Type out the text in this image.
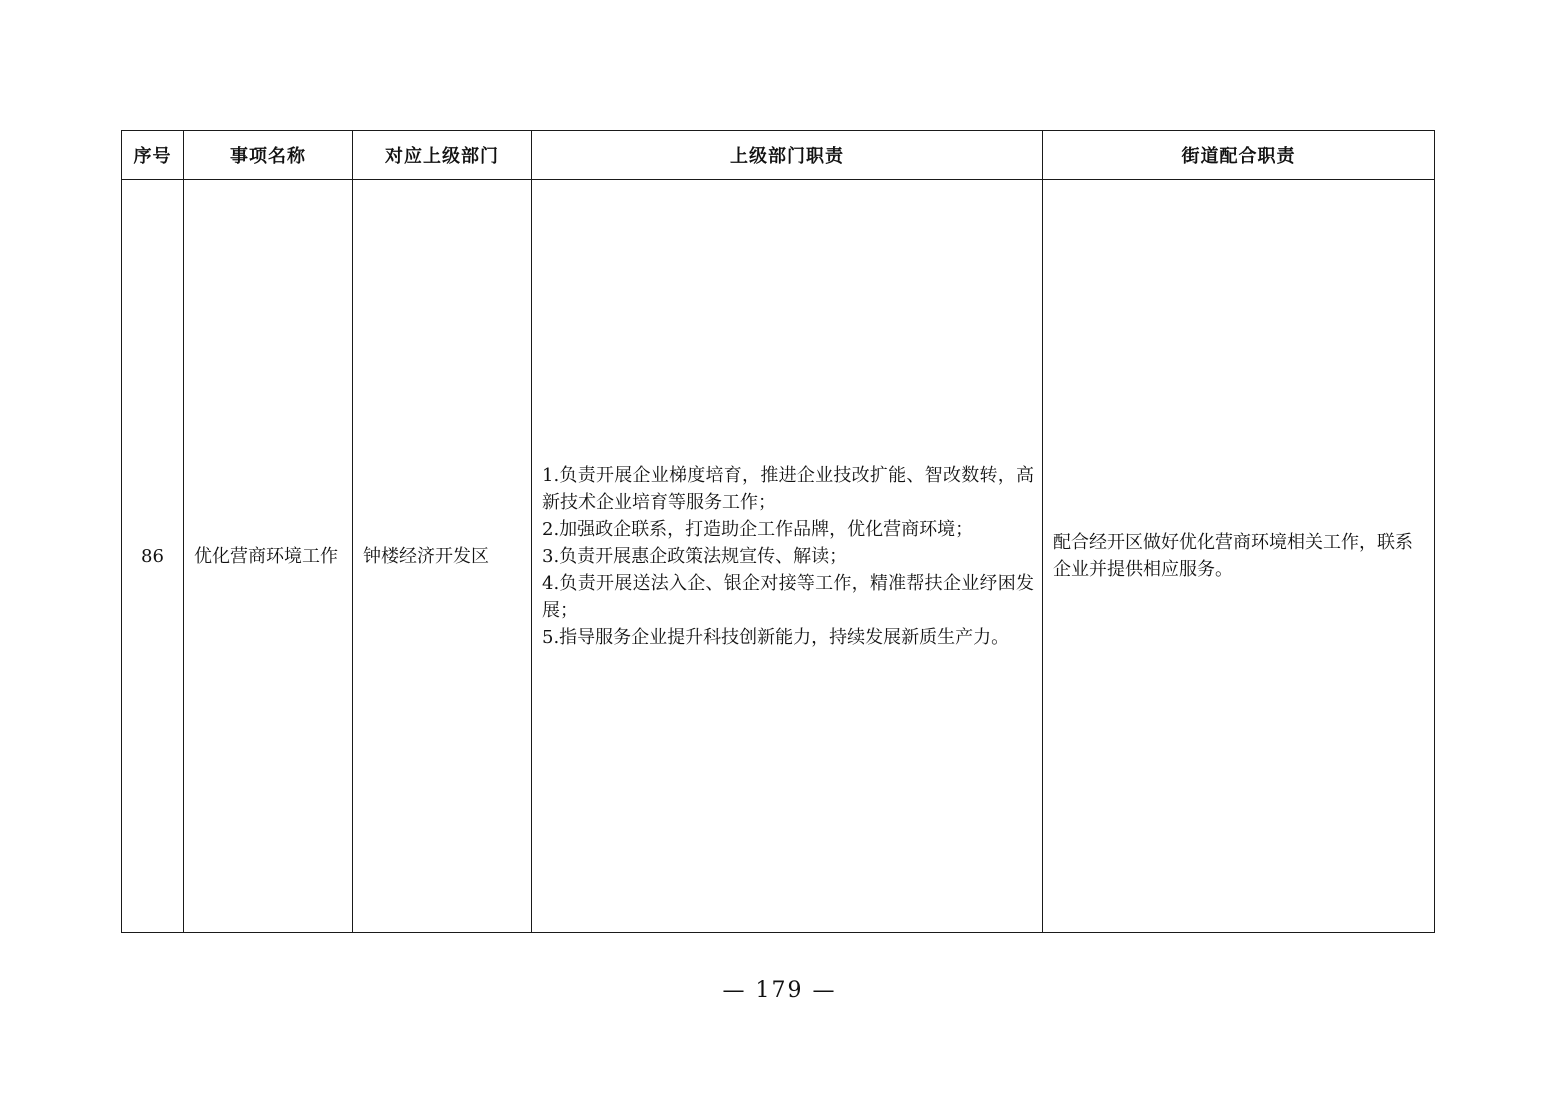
序号	事项名称	对应上级部门	上级部门职责	街道配合职责
86	优化营商环境工作	钟楼经济开发区	1.负责开展企业梯度培育，推进企业技改扩能、智改数转，高新技术企业培育等服务工作；
2.加强政企联系，打造助企工作品牌，优化营商环境；
3.负责开展惠企政策法规宣传、解读；
4.负责开展送法入企、银企对接等工作，精准帮扶企业纾困发展；
5.指导服务企业提升科技创新能力，持续发展新质生产力。	配合经开区做好优化营商环境相关工作，联系企业并提供相应服务。
— 179 —
